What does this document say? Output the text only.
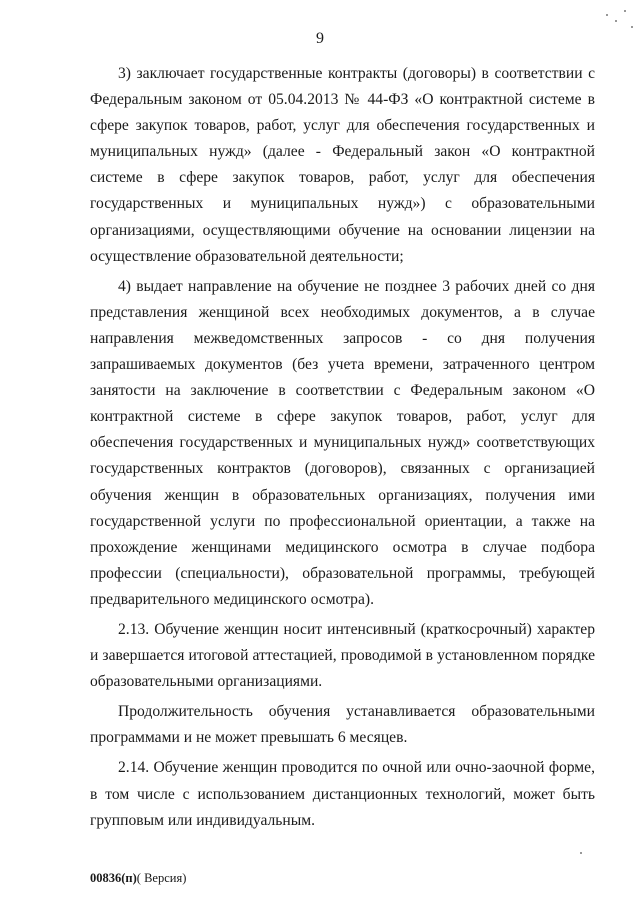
9

3) заключает государственные контракты (договоры) в соответствии с Федеральным законом от 05.04.2013 № 44-ФЗ «О контрактной системе в сфере закупок товаров, работ, услуг для обеспечения государственных и муниципальных нужд» (далее - Федеральный закон «О контрактной системе в сфере закупок товаров, работ, услуг для обеспечения государственных и муниципальных нужд») с образовательными организациями, осуществляющими обучение на основании лицензии на осуществление образовательной деятельности;

4) выдает направление на обучение не позднее 3 рабочих дней со дня представления женщиной всех необходимых документов, а в случае направления межведомственных запросов - со дня получения запрашиваемых документов (без учета времени, затраченного центром занятости на заключение в соответствии с Федеральным законом «О контрактной системе в сфере закупок товаров, работ, услуг для обеспечения государственных и муниципальных нужд» соответствующих государственных контрактов (договоров), связанных с организацией обучения женщин в образовательных организациях, получения ими государственной услуги по профессиональной ориентации, а также на прохождение женщинами медицинского осмотра в случае подбора профессии (специальности), образовательной программы, требующей предварительного медицинского осмотра).

2.13. Обучение женщин носит интенсивный (краткосрочный) характер и завершается итоговой аттестацией, проводимой в установленном порядке образовательными организациями.

Продолжительность обучения устанавливается образовательными программами и не может превышать 6 месяцев.

2.14. Обучение женщин проводится по очной или очно-заочной форме, в том числе с использованием дистанционных технологий, может быть групповым или индивидуальным.

00836(п)( Версия)
